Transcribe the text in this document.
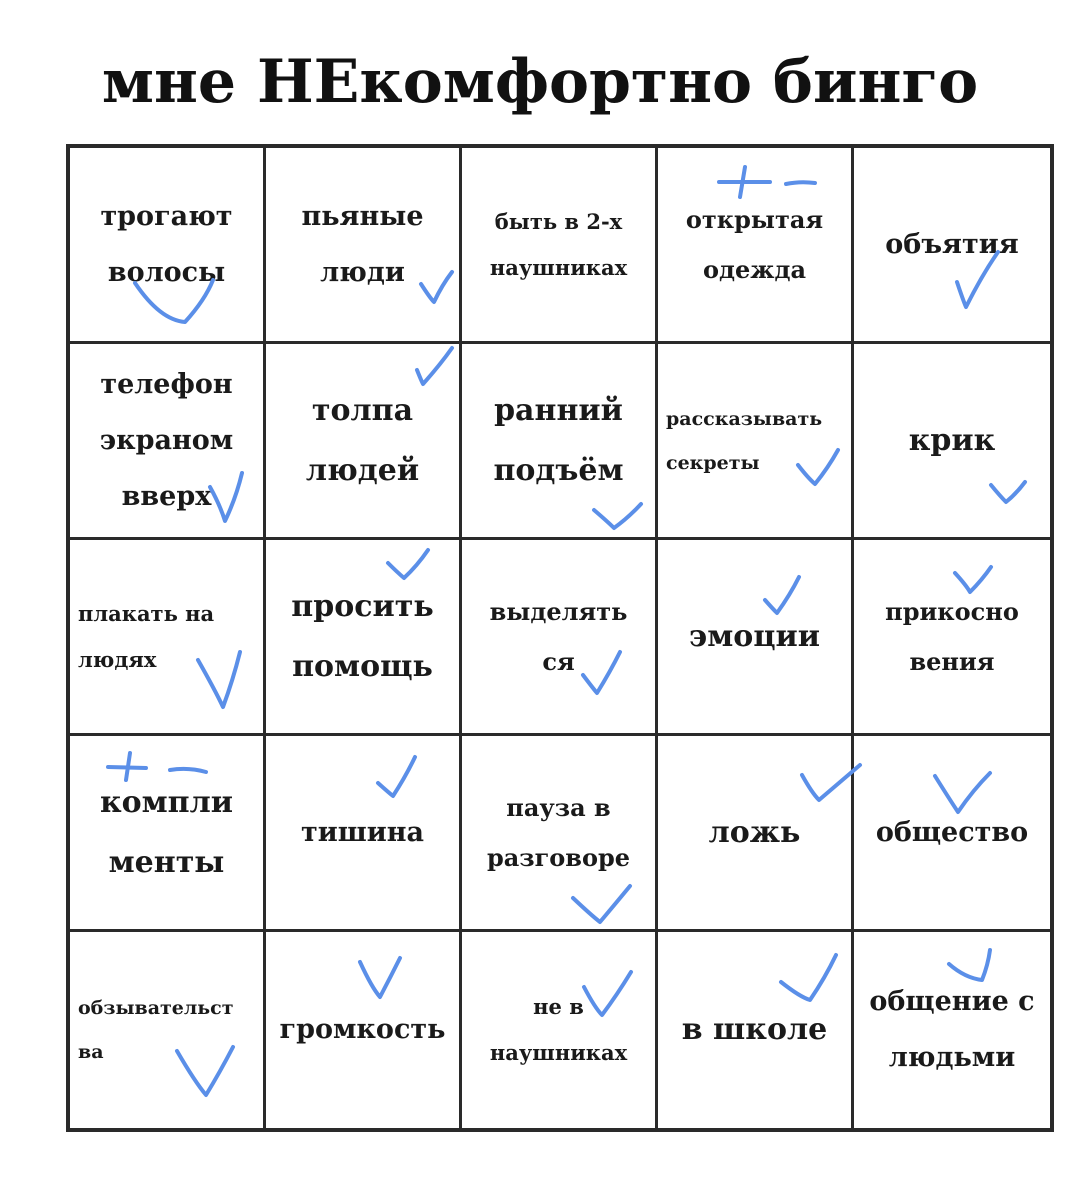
мне НЕкомфортно бинго
трогают
волосы
пьяные
люди
быть в 2-х
наушниках
открытая
одежда
объятия
телефон
экраном
вверх
толпа
людей
ранний
подъём
рассказывать
секреты
крик
плакать на
людях
просить
помощь
выделять
ся
эмоции
прикосно
вения
компли
менты
тишина
пауза в
разговоре
ложь	общество
обзывательст
ва
громкость
не в
наушниках
в школе
общение с
людьми
